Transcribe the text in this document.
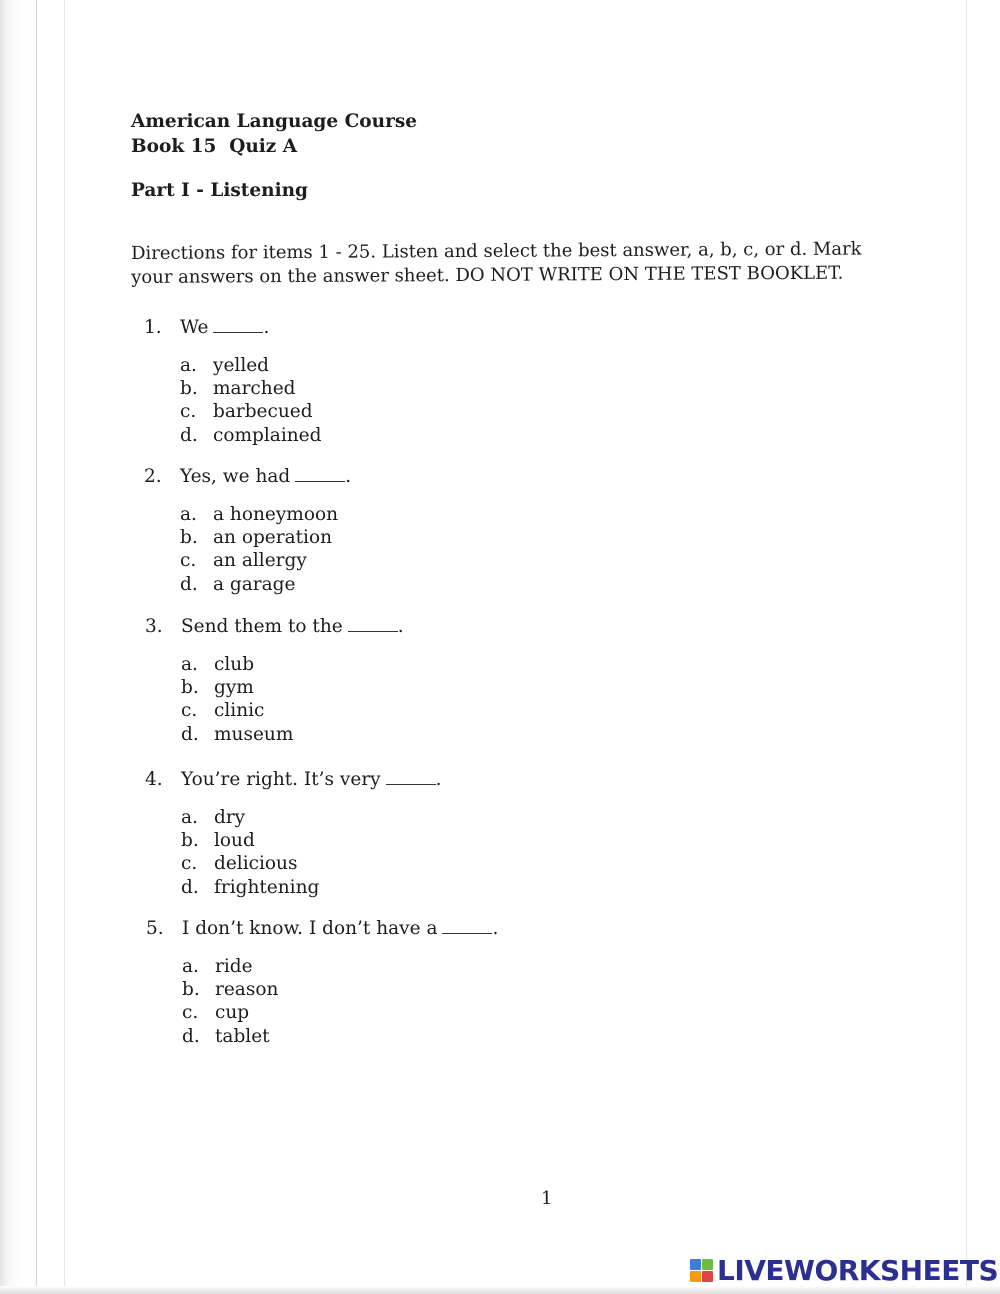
American Language Course
Book 15  Quiz A
Part I - Listening

Directions for items 1 - 25. Listen and select the best answer, a, b, c, or d. Mark

your answers on the answer sheet. DO NOT WRITE ON THE TEST BOOKLET.

1. We	.
a. yelled
b. marched
c. barbecued
d. complained
2. Yes, we had	.
a. a honeymoon
b. an operation
c. an allergy
d. a garage
3. Send them to the	.
a. club
b. gym
c. clinic
d. museum
4. You’re right. It’s very	.
a. dry
b. loud
c. delicious
d. frightening
5. I don’t know. I don’t have a	.
a. ride
b. reason
c. cup
d. tablet
1
LIVEWORKSHEETS
